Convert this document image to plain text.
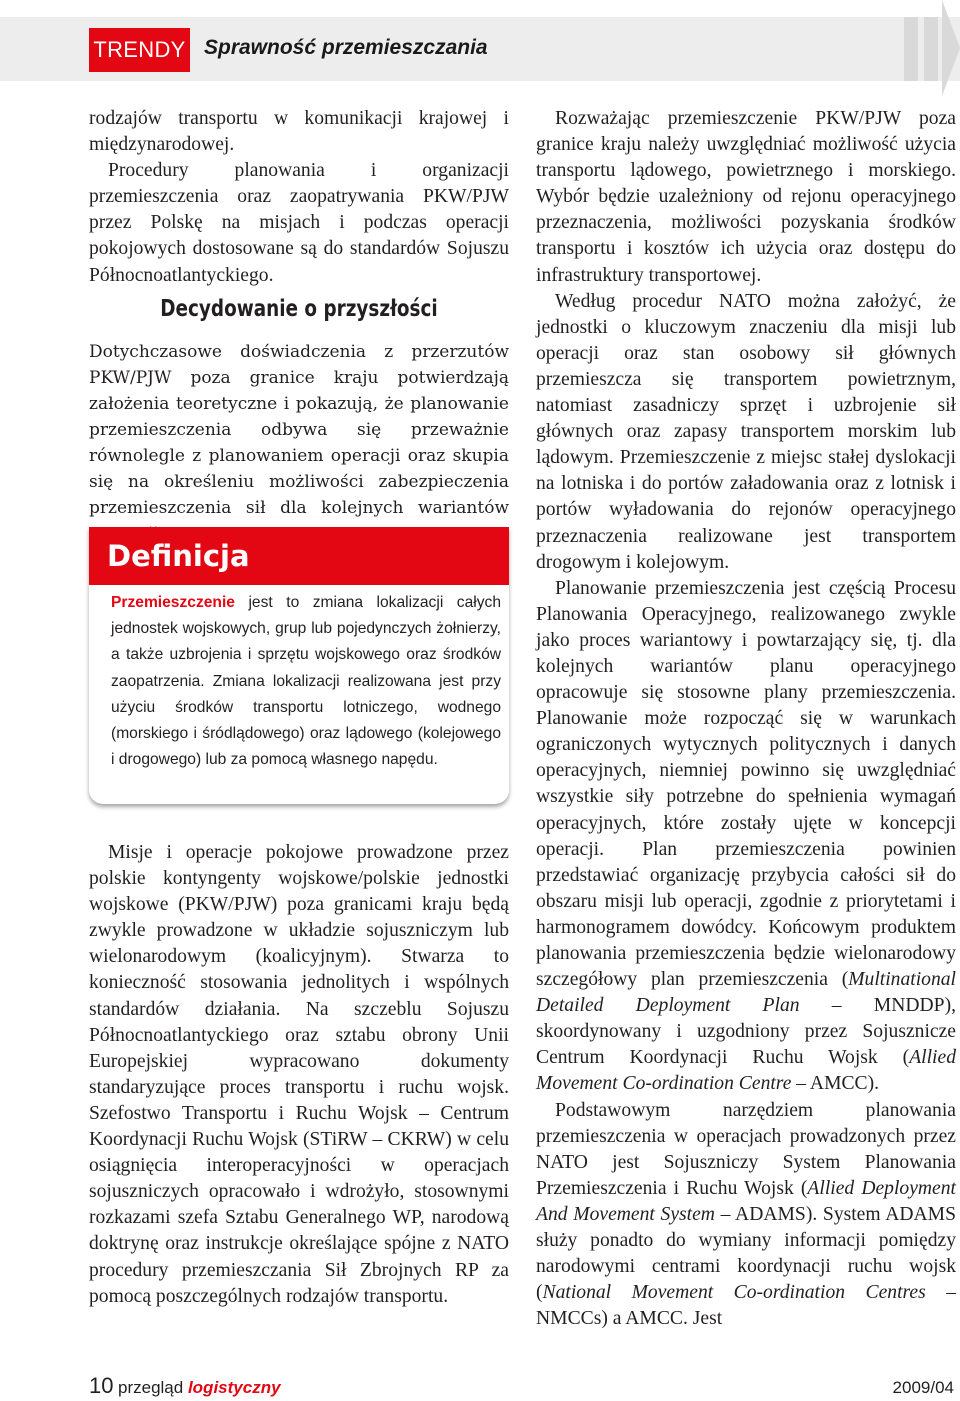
TRENDY Sprawność przemieszczania

rodzajów transportu w komunikacji krajowej i międzynarodowej.

Procedury planowania i organizacji przemieszczenia oraz zaopatrywania PKW/PJW przez Polskę na misjach i podczas operacji pokojowych dostosowane są do standardów Sojuszu Północnoatlantyckiego.

Decydowanie o przyszłości

Dotychczasowe doświadczenia z przerzutów PKW/PJW poza granice kraju potwierdzają założenia teoretyczne i pokazują, że planowanie przemieszczenia odbywa się przeważnie równolegle z planowaniem operacji oraz skupia się na określeniu możliwości zabezpieczenia przemieszczenia sił dla kolejnych wariantów

Definicja

Przemieszczenie jest to zmiana lokalizacji całych jednostek wojskowych, grup lub pojedynczych żołnierzy, a także uzbrojenia i sprzętu wojskowego oraz środków zaopatrzenia. Zmiana lokalizacji realizowana jest przy użyciu środków transportu lotniczego, wodnego (morskiego i śródlądowego) oraz lądowego (kolejowego i drogowego) lub za pomocą własnego napędu.

Misje i operacje pokojowe prowadzone przez polskie kontyngenty wojskowe/polskie jednostki wojskowe (PKW/PJW) poza granicami kraju będą zwykle prowadzone w układzie sojuszniczym lub wielonarodowym (koalicyjnym). Stwarza to konieczność stosowania jednolitych i wspólnych standardów działania. Na szczeblu Sojuszu Północnoatlantyckiego oraz sztabu obrony Unii Europejskiej wypracowano dokumenty standaryzujące proces transportu i ruchu wojsk. Szefostwo Transportu i Ruchu Wojsk – Centrum Koordynacji Ruchu Wojsk (STiRW – CKRW) w celu osiągnięcia interoperacyjności w operacjach sojuszniczych opracowało i wdrożyło, stosownymi rozkazami szefa Sztabu Generalnego WP, narodową doktrynę oraz instrukcje określające spójne z NATO procedury przemieszczania Sił Zbrojnych RP za pomocą poszczególnych rodzajów transportu.

Rozważając przemieszczenie PKW/PJW poza granice kraju należy uwzględniać możliwość użycia transportu lądowego, powietrznego i morskiego. Wybór będzie uzależniony od rejonu operacyjnego przeznaczenia, możliwości pozyskania środków transportu i kosztów ich użycia oraz dostępu do infrastruktury transportowej.

Według procedur NATO można założyć, że jednostki o kluczowym znaczeniu dla misji lub operacji oraz stan osobowy sił głównych przemieszcza się transportem powietrznym, natomiast zasadniczy sprzęt i uzbrojenie sił głównych oraz zapasy transportem morskim lub lądowym. Przemieszczenie z miejsc stałej dyslokacji na lotniska i do portów załadowania oraz z lotnisk i portów wyładowania do rejonów operacyjnego przeznaczenia realizowane jest transportem drogowym i kolejowym.

Planowanie przemieszczenia jest częścią Procesu Planowania Operacyjnego, realizowanego zwykle jako proces wariantowy i powtarzający się, tj. dla kolejnych wariantów planu operacyjnego opracowuje się stosowne plany przemieszczenia. Planowanie może rozpocząć się w warunkach ograniczonych wytycznych politycznych i danych operacyjnych, niemniej powinno się uwzględniać wszystkie siły potrzebne do spełnienia wymagań operacyjnych, które zostały ujęte w koncepcji operacji. Plan przemieszczenia powinien przedstawiać organizację przybycia całości sił do obszaru misji lub operacji, zgodnie z priorytetami i harmonogramem dowódcy. Końcowym produktem planowania przemieszczenia będzie wielonarodowy szczegółowy plan przemieszczenia (Multinational Detailed Deployment Plan – MNDDP), skoordynowany i uzgodniony przez Sojusznicze Centrum Koordynacji Ruchu Wojsk (Allied Movement Co-ordination Centre – AMCC).

Podstawowym narzędziem planowania przemieszczenia w operacjach prowadzonych przez NATO jest Sojuszniczy System Planowania Przemieszczenia i Ruchu Wojsk (Allied Deployment And Movement System – ADAMS). System ADAMS służy ponadto do wymiany informacji pomiędzy narodowymi centrami koordynacji ruchu wojsk (National Movement Co-ordination Centres – NMCCs) a AMCC. Jest

10 przegląd logistyczny	2009/04
